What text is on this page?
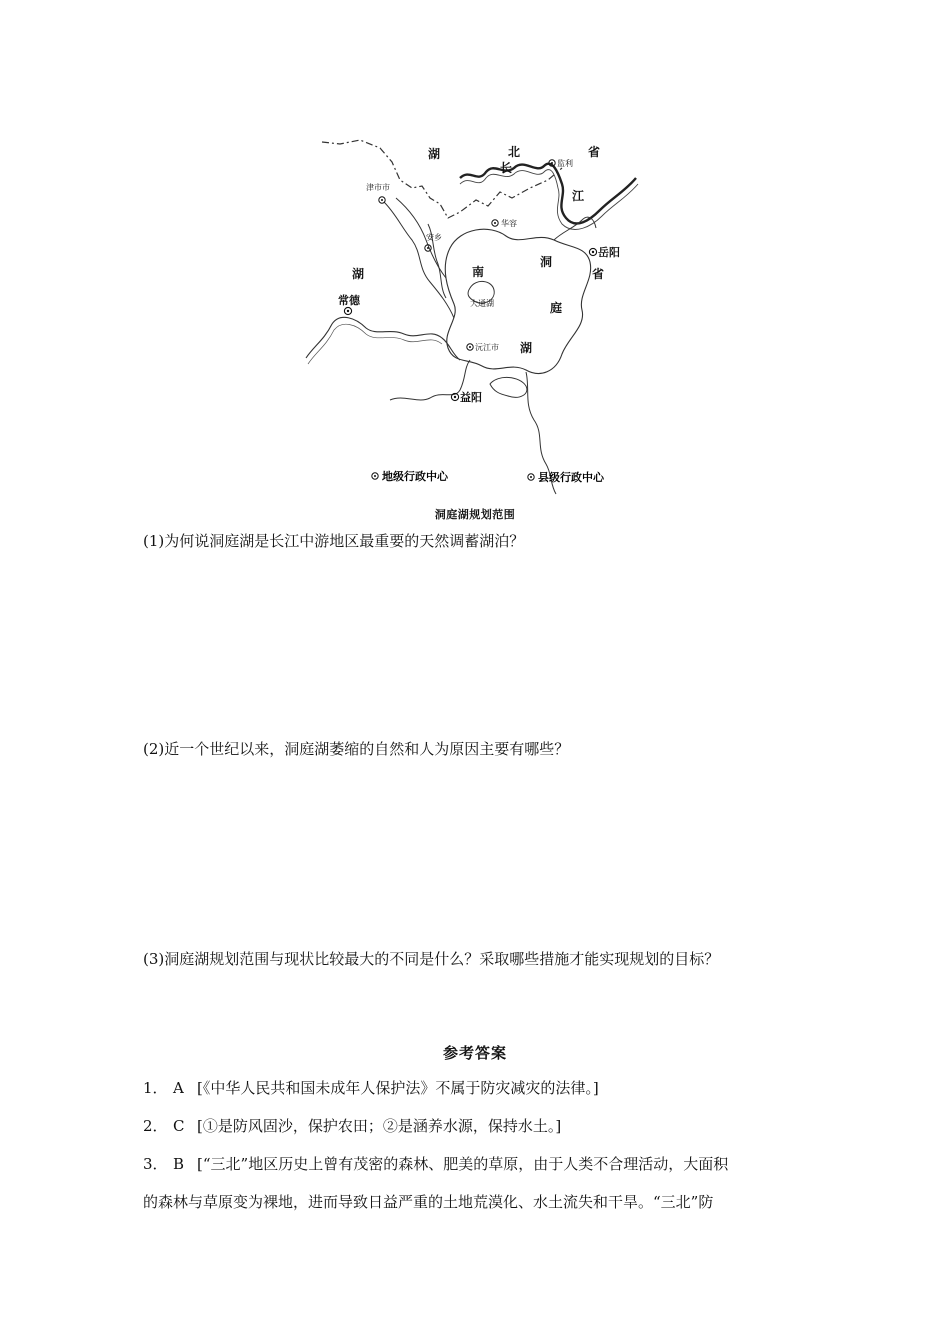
湖	北	省
长
江
湖	南
洞
省
庭
湖
常德
岳阳
益阳
监利
津市市
安乡
华容
大通湖
沅江市
地级行政中心	县级行政中心
洞庭湖规划范围
(1)为何说洞庭湖是长江中游地区最重要的天然调蓄湖泊？
(2)近一个世纪以来，洞庭湖萎缩的自然和人为原因主要有哪些？
(3)洞庭湖规划范围与现状比较最大的不同是什么？采取哪些措施才能实现规划的目标？
参考答案
1． A [《中华人民共和国未成年人保护法》不属于防灾减灾的法律。]
2． C [①是防风固沙，保护农田；②是涵养水源，保持水土。]
3． B [“三北”地区历史上曾有茂密的森林、肥美的草原，由于人类不合理活动，大面积
的森林与草原变为裸地，进而导致日益严重的土地荒漠化、水土流失和干旱。“三北”防
